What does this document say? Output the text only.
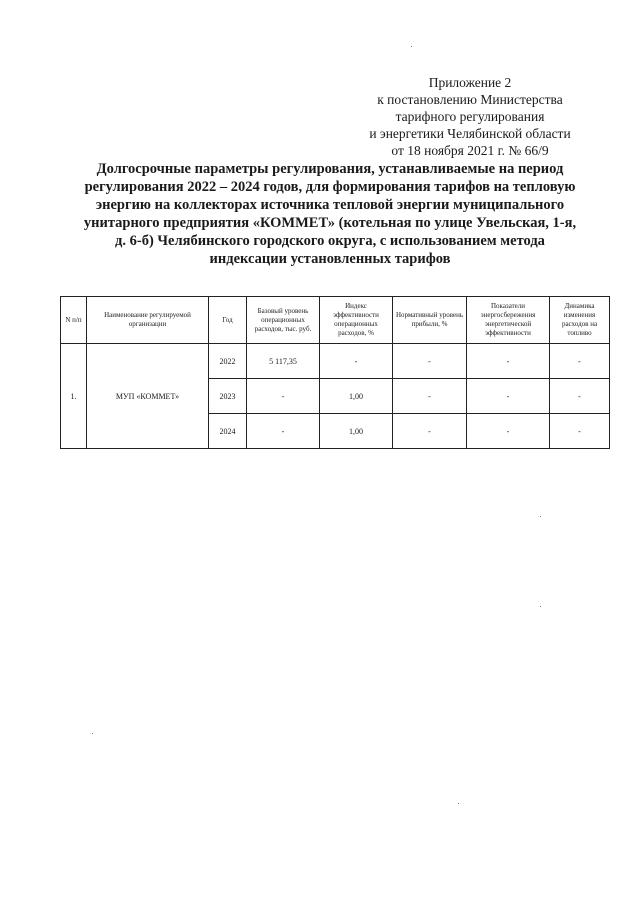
Приложение 2
к постановлению Министерства
тарифного регулирования
и энергетики Челябинской области
от 18 ноября 2021 г. № 66/9
Долгосрочные параметры регулирования, устанавливаемые на период
регулирования 2022 – 2024 годов, для формирования тарифов на тепловую
энергию на коллекторах источника тепловой энергии муниципального
унитарного предприятия «КОММЕТ» (котельная по улице Увельская, 1-я,
д. 6-б) Челябинского городского округа, с использованием метода
индексации установленных тарифов
N п/п	Наименование регулируемой организации	Год	Базовый уровень операционных расходов, тыс. руб.	Индекс эффективности операционных расходов, %	Нормативный уровень прибыли, %	Показатели энергосбережения энергетической эффективности	Динамика изменения расходов на топливо
1.	МУП «КОММЕТ»	2022	5 117,35	-	-	-	-
		2023	-	1,00	-	-	-
		2024	-	1,00	-	-	-
